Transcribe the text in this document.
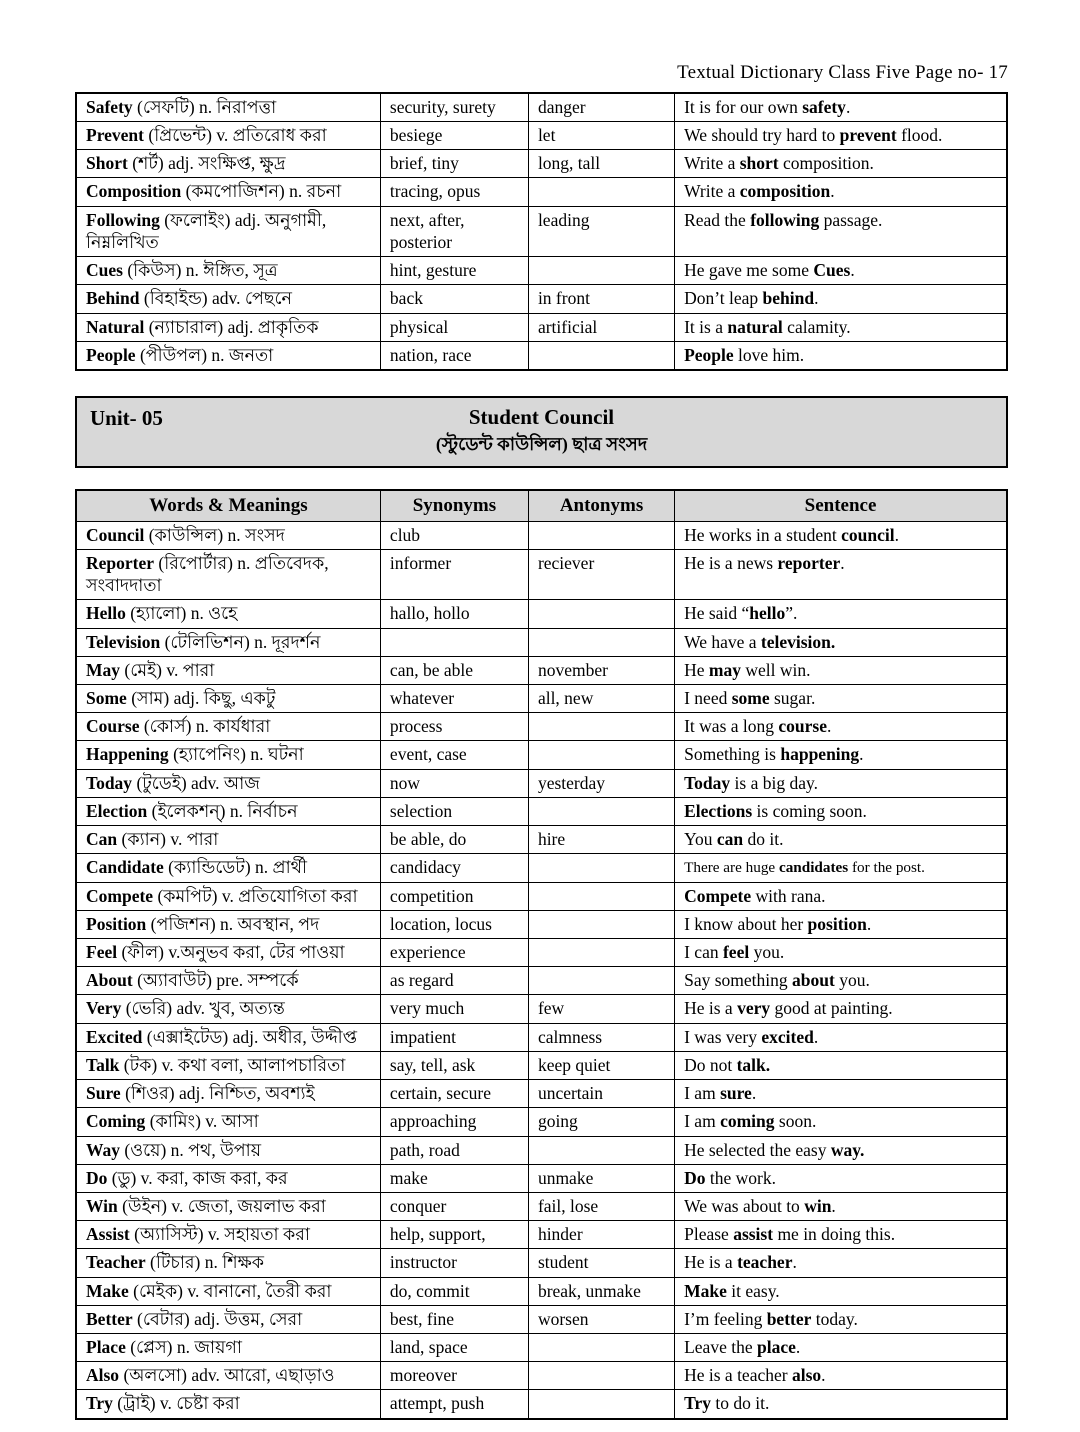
Textual Dictionary Class Five Page no- 17
Safety (সেফটি) n. নিরাপত্তা	security, surety	danger	It is for our own safety.
Prevent (প্রিভেন্ট) v. প্রতিরোধ করা	besiege	let	We should try hard to prevent flood.
Short (শর্ট) adj. সংক্ষিপ্ত, ক্ষুদ্র	brief, tiny	long, tall	Write a short composition.
Composition (কমপোজিশন) n. রচনা	tracing, opus		Write a composition.
Following (ফলোইং) adj. অনুগামী, নিম্নলিখিত	next, after, posterior	leading	Read the following passage.
Cues (কিউস) n. ঈঙ্গিত, সূত্র	hint, gesture		He gave me some Cues.
Behind (বিহাইন্ড) adv. পেছনে	back	in front	Don’t leap behind.
Natural (ন্যাচারাল) adj. প্রাকৃতিক	physical	artificial	It is a natural calamity.
People (পীউপল) n. জনতা	nation, race		People love him.
Unit- 05	Student Council
(স্টুডেন্ট কাউন্সিল) ছাত্র সংসদ
Words & Meanings	Synonyms	Antonyms	Sentence
Council (কাউন্সিল) n. সংসদ	club		He works in a student council.
Reporter (রিপোর্টার) n. প্রতিবেদক, সংবাদদাতা	informer	reciever	He is a news reporter.
Hello (হ্যালো) n. ওহে	hallo, hollo		He said “hello”.
Television (টেলিভিশন) n. দূরদর্শন			We have a television.
May (মেই) v. পারা	can, be able	november	He may well win.
Some (সাম) adj. কিছু, একটু	whatever	all, new	I need some sugar.
Course (কোর্স) n. কার্যধারা	process		It was a long course.
Happening (হ্যাপেনিং) n. ঘটনা	event, case		Something is happening.
Today (টুডেই) adv. আজ	now	yesterday	Today is a big day.
Election (ইলেকশন্) n. নির্বাচন	selection		Elections is coming soon.
Can (ক্যান) v. পারা	be able, do	hire	You can do it.
Candidate (ক্যান্ডিডেট) n. প্রার্থী	candidacy		There are huge candidates for the post.
Compete (কমপিট) v. প্রতিযোগিতা করা	competition		Compete with rana.
Position (পজিশন) n. অবস্থান, পদ	location, locus		I know about her position.
Feel (ফীল) v.অনুভব করা, টের পাওয়া	experience		I can feel you.
About (অ্যাবাউট) pre. সম্পর্কে	as regard		Say something about you.
Very (ভেরি) adv. খুব, অত্যন্ত	very much	few	He is a very good at painting.
Excited (এক্সাইটেড) adj. অধীর, উদ্দীপ্ত	impatient	calmness	I was very excited.
Talk (টক) v. কথা বলা, আলাপচারিতা	say, tell, ask	keep quiet	Do not talk.
Sure (শিওর) adj. নিশ্চিত, অবশ্যই	certain, secure	uncertain	I am sure.
Coming (কামিং) v. আসা	approaching	going	I am coming soon.
Way (ওয়ে) n. পথ, উপায়	path, road		He selected the easy way.
Do (ডু) v. করা, কাজ করা, কর	make	unmake	Do the work.
Win (উইন) v. জেতা, জয়লাভ করা	conquer	fail, lose	We was about to win.
Assist (অ্যাসিস্ট) v. সহায়তা করা	help, support,	hinder	Please assist me in doing this.
Teacher (টিচার) n. শিক্ষক	instructor	student	He is a teacher.
Make (মেইক) v. বানানো, তৈরী করা	do, commit	break, unmake	Make it easy.
Better (বেটার) adj. উত্তম, সেরা	best, fine	worsen	I’m feeling better today.
Place (প্লেস) n. জায়গা	land, space		Leave the place.
Also (অলসো) adv. আরো, এছাড়াও	moreover		He is a teacher also.
Try (ট্রাই) v. চেষ্টা করা	attempt, push		Try to do it.
